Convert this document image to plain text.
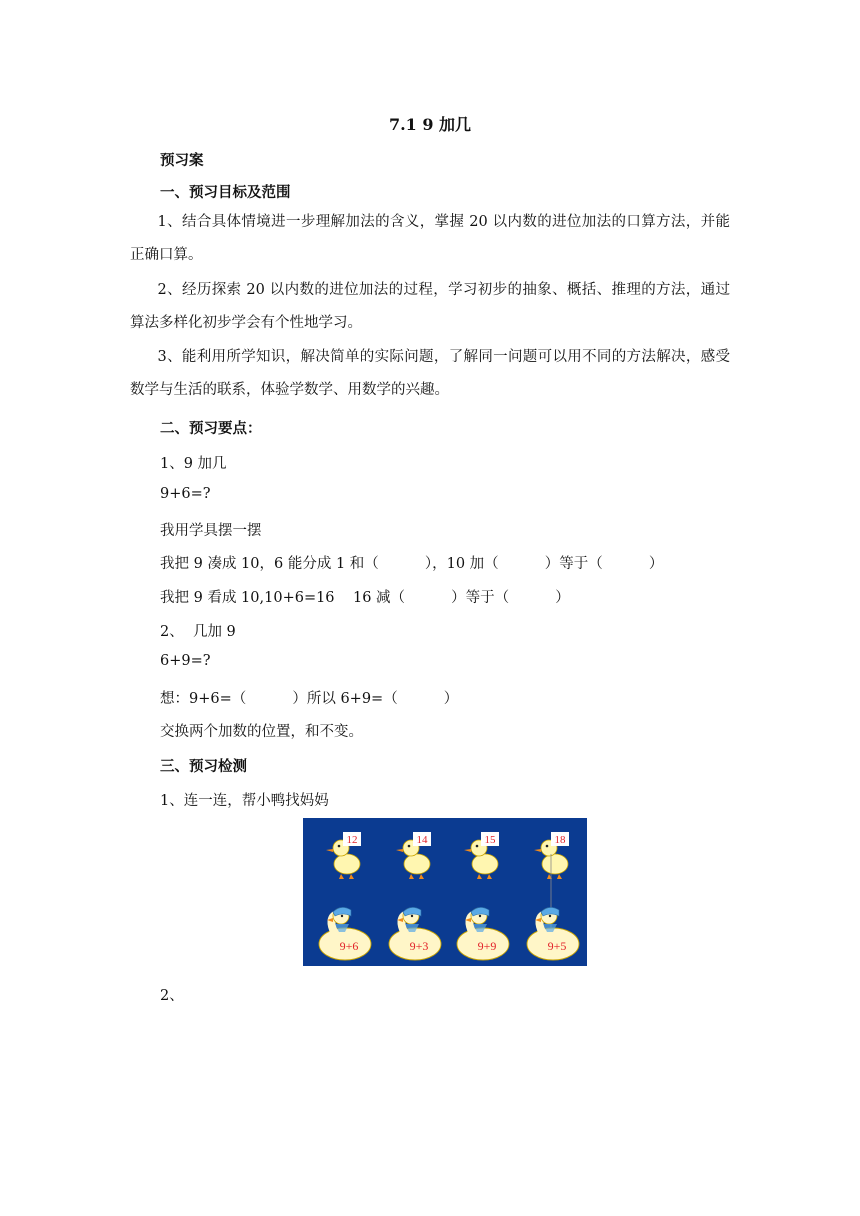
7.1 9 加几
预习案
一、预习目标及范围
1、结合具体情境进一步理解加法的含义，掌握 20 以内数的进位加法的口算方法，并能正确口算。
2、经历探索 20 以内数的进位加法的过程，学习初步的抽象、概括、推理的方法，通过算法多样化初步学会有个性地学习。
3、能利用所学知识，解决简单的实际问题，了解同一问题可以用不同的方法解决，感受数学与生活的联系，体验学数学、用数学的兴趣。
二、预习要点：
1、9 加几
9+6=?
我用学具摆一摆
我把 9 凑成 10，6 能分成 1 和（          ），10 加（          ）等于（          ）
我把 9 看成 10,10+6=16    16 减（          ）等于（          ）
2、  几加 9
6+9=?
想：9+6=（          ）所以 6+9=（          ）
交换两个加数的位置，和不变。
三、预习检测
1、连一连，帮小鸭找妈妈
12	14	15	18
9+6	9+3	9+9	9+5
2、
